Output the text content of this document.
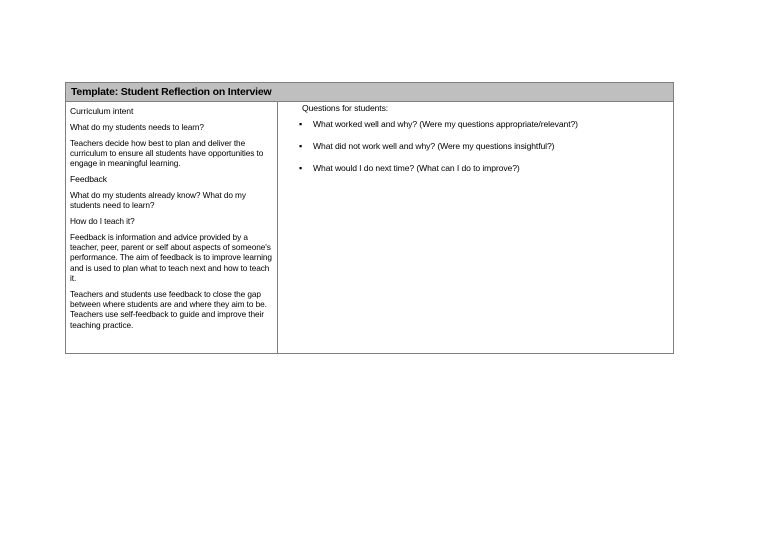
Template: Student Reflection on Interview

Curriculum intent

What do my students needs to learn?

Teachers decide how best to plan and deliver the curriculum to ensure all students have opportunities to engage in meaningful learning.

Feedback

What do my students already know? What do my students need to learn?

How do I teach it?

Feedback is information and advice provided by a teacher, peer, parent or self about aspects of someone's performance. The aim of feedback is to improve learning and is used to plan what to teach next and how to teach it.

Teachers and students use feedback to close the gap between where students are and where they aim to be. Teachers use self-feedback to guide and improve their teaching practice.

Questions for students:

▪ What worked well and why? (Were my questions appropriate/relevant?)
▪ What did not work well and why? (Were my questions insightful?)
▪ What would I do next time? (What can I do to improve?)
